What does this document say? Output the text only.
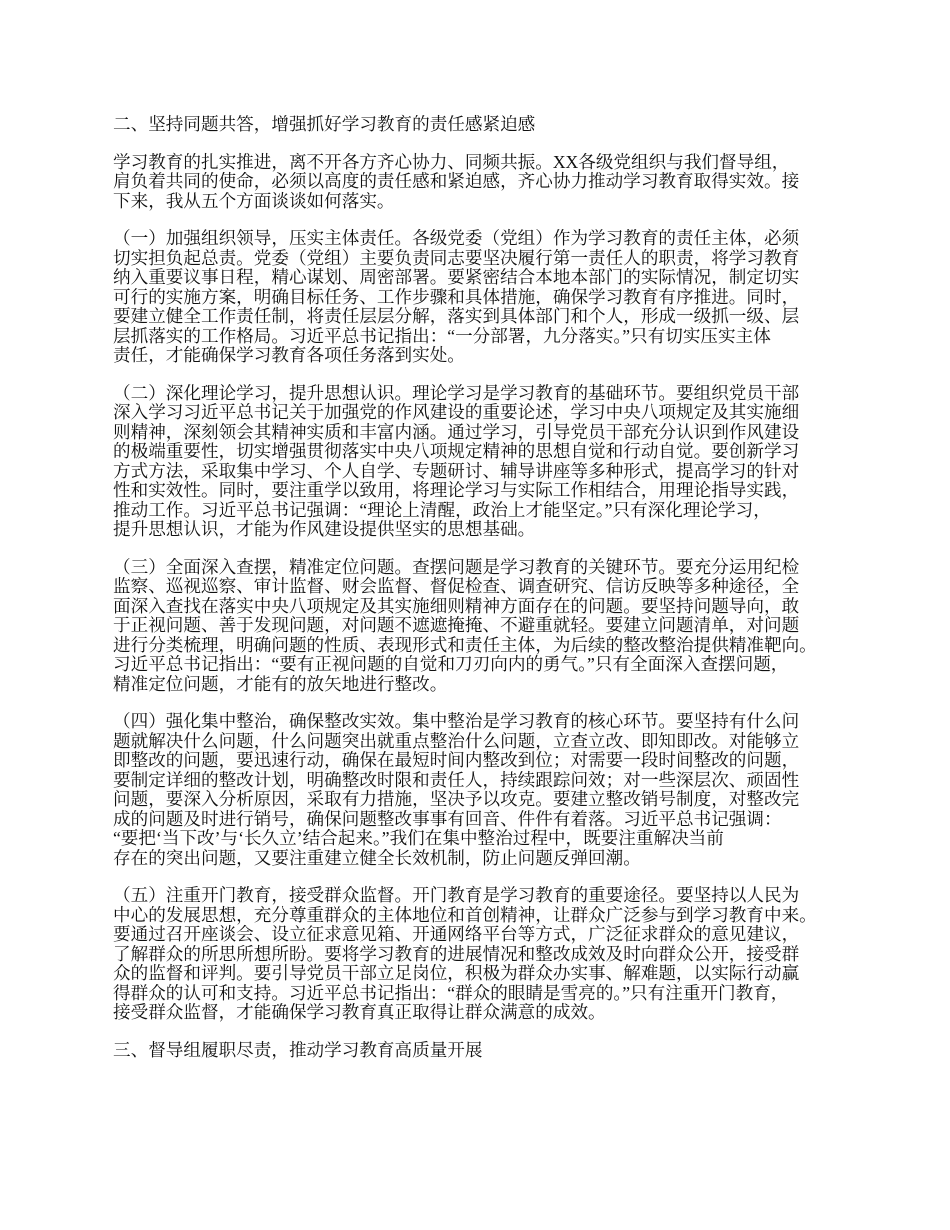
二、坚持同题共答，增强抓好学习教育的责任感紧迫感
学习教育的扎实推进，离不开各方齐心协力、同频共振。XX各级党组织与我们督导组，
肩负着共同的使命，必须以高度的责任感和紧迫感，齐心协力推动学习教育取得实效。接
下来，我从五个方面谈谈如何落实。
（一）加强组织领导，压实主体责任。各级党委（党组）作为学习教育的责任主体，必须
切实担负起总责。党委（党组）主要负责同志要坚决履行第一责任人的职责，将学习教育
纳入重要议事日程，精心谋划、周密部署。要紧密结合本地本部门的实际情况，制定切实
可行的实施方案，明确目标任务、工作步骤和具体措施，确保学习教育有序推进。同时，
要建立健全工作责任制，将责任层层分解，落实到具体部门和个人，形成一级抓一级、层
层抓落实的工作格局。习近平总书记指出：“一分部署，九分落实。”只有切实压实主体
责任，才能确保学习教育各项任务落到实处。
（二）深化理论学习，提升思想认识。理论学习是学习教育的基础环节。要组织党员干部
深入学习习近平总书记关于加强党的作风建设的重要论述，学习中央八项规定及其实施细
则精神，深刻领会其精神实质和丰富内涵。通过学习，引导党员干部充分认识到作风建设
的极端重要性，切实增强贯彻落实中央八项规定精神的思想自觉和行动自觉。要创新学习
方式方法，采取集中学习、个人自学、专题研讨、辅导讲座等多种形式，提高学习的针对
性和实效性。同时，要注重学以致用，将理论学习与实际工作相结合，用理论指导实践，
推动工作。习近平总书记强调：“理论上清醒，政治上才能坚定。”只有深化理论学习，
提升思想认识，才能为作风建设提供坚实的思想基础。
（三）全面深入查摆，精准定位问题。查摆问题是学习教育的关键环节。要充分运用纪检
监察、巡视巡察、审计监督、财会监督、督促检查、调查研究、信访反映等多种途径，全
面深入查找在落实中央八项规定及其实施细则精神方面存在的问题。要坚持问题导向，敢
于正视问题、善于发现问题，对问题不遮遮掩掩、不避重就轻。要建立问题清单，对问题
进行分类梳理，明确问题的性质、表现形式和责任主体，为后续的整改整治提供精准靶向。
习近平总书记指出：“要有正视问题的自觉和刀刃向内的勇气。”只有全面深入查摆问题，
精准定位问题，才能有的放矢地进行整改。
（四）强化集中整治，确保整改实效。集中整治是学习教育的核心环节。要坚持有什么问
题就解决什么问题，什么问题突出就重点整治什么问题，立查立改、即知即改。对能够立
即整改的问题，要迅速行动，确保在最短时间内整改到位；对需要一段时间整改的问题，
要制定详细的整改计划，明确整改时限和责任人，持续跟踪问效；对一些深层次、顽固性
问题，要深入分析原因，采取有力措施，坚决予以攻克。要建立整改销号制度，对整改完
成的问题及时进行销号，确保问题整改事事有回音、件件有着落。习近平总书记强调：
“要把‘当下改’与‘长久立’结合起来。”我们在集中整治过程中，既要注重解决当前
存在的突出问题，又要注重建立健全长效机制，防止问题反弹回潮。
（五）注重开门教育，接受群众监督。开门教育是学习教育的重要途径。要坚持以人民为
中心的发展思想，充分尊重群众的主体地位和首创精神，让群众广泛参与到学习教育中来。
要通过召开座谈会、设立征求意见箱、开通网络平台等方式，广泛征求群众的意见建议，
了解群众的所思所想所盼。要将学习教育的进展情况和整改成效及时向群众公开，接受群
众的监督和评判。要引导党员干部立足岗位，积极为群众办实事、解难题，以实际行动赢
得群众的认可和支持。习近平总书记指出：“群众的眼睛是雪亮的。”只有注重开门教育，
接受群众监督，才能确保学习教育真正取得让群众满意的成效。
三、督导组履职尽责，推动学习教育高质量开展
